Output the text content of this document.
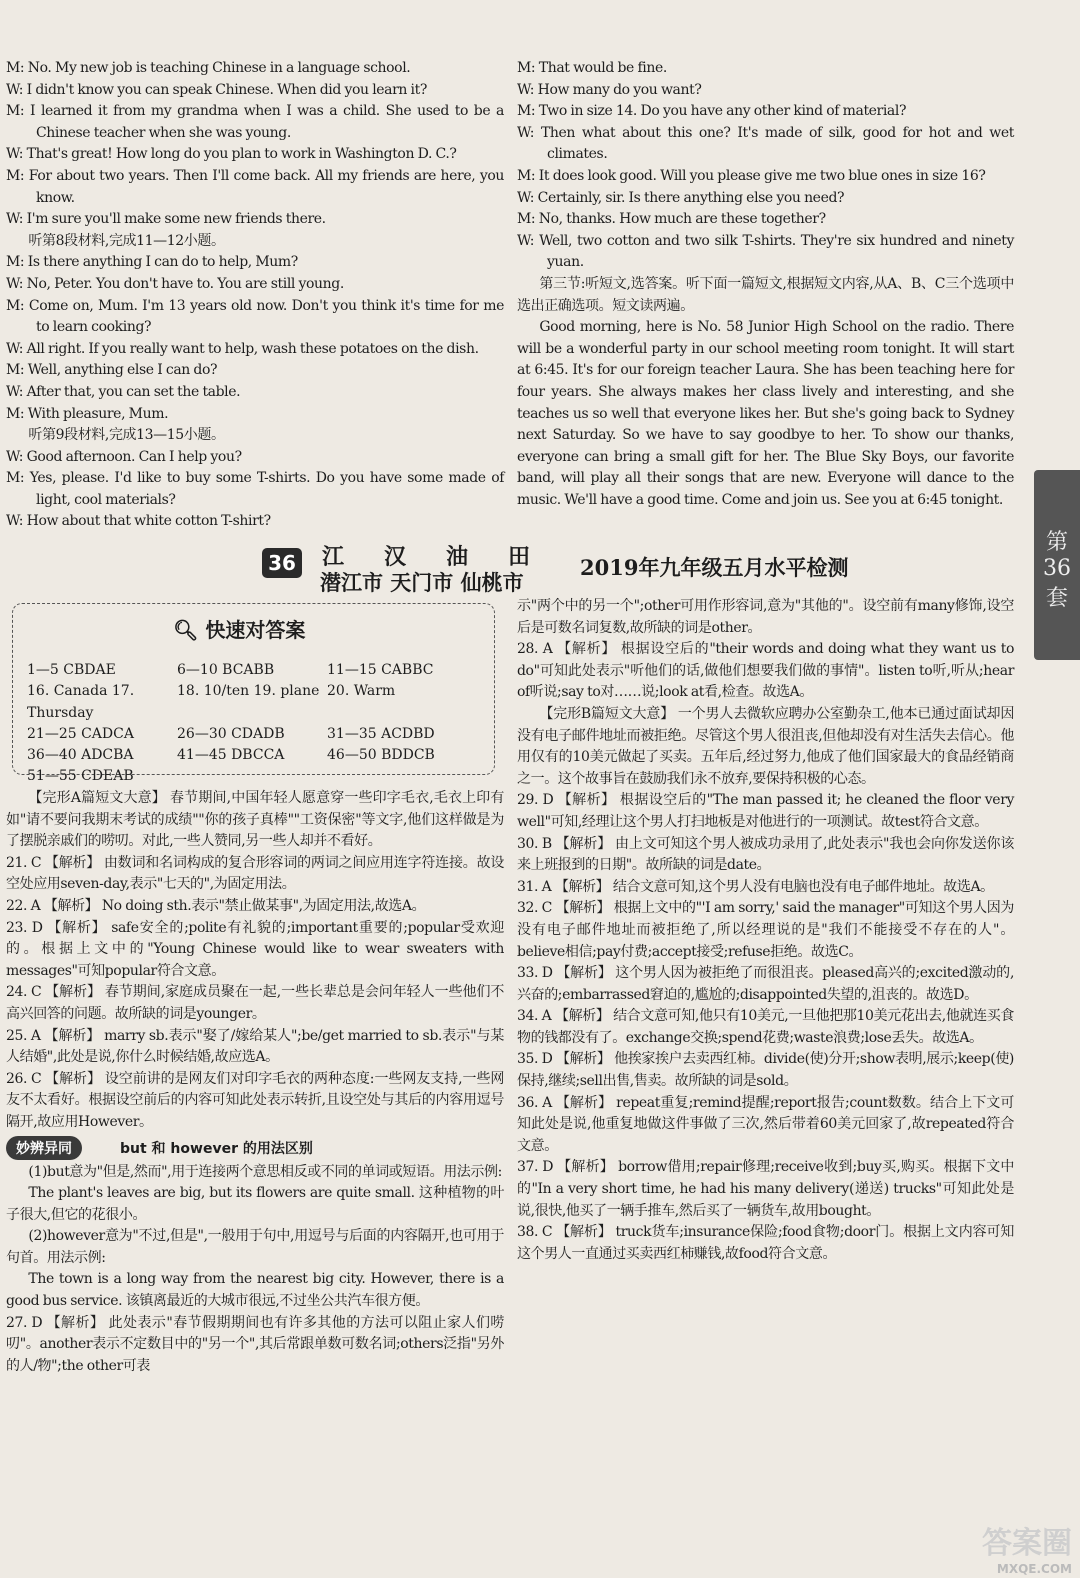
M: No. My new job is teaching Chinese in a language school.

W: I didn't know you can speak Chinese. When did you learn it?

M: I learned it from my grandma when I was a child. She used to be a Chinese teacher when she was young.

W: That's great! How long do you plan to work in Washington D. C.?

M: For about two years. Then I'll come back. All my friends are here, you know.

W: I'm sure you'll make some new friends there.

听第8段材料,完成11—12小题。

M: Is there anything I can do to help, Mum?

W: No, Peter. You don't have to. You are still young.

M: Come on, Mum. I'm 13 years old now. Don't you think it's time for me to learn cooking?

W: All right. If you really want to help, wash these potatoes on the dish.

M: Well, anything else I can do?

W: After that, you can set the table.

M: With pleasure, Mum.

听第9段材料,完成13—15小题。

W: Good afternoon. Can I help you?

M: Yes, please. I'd like to buy some T-shirts. Do you have some made of light, cool materials?

W: How about that white cotton T-shirt?

M: That would be fine.

W: How many do you want?

M: Two in size 14. Do you have any other kind of material?

W: Then what about this one? It's made of silk, good for hot and wet climates.

M: It does look good. Will you please give me two blue ones in size 16?

W: Certainly, sir. Is there anything else you need?

M: No, thanks. How much are these together?

W: Well, two cotton and two silk T-shirts. They're six hundred and ninety yuan.

第三节:听短文,选答案。听下面一篇短文,根据短文内容,从A、B、C三个选项中选出正确选项。短文读两遍。

Good morning, here is No. 58 Junior High School on the radio. There will be a wonderful party in our school meeting room tonight. It will start at 6:45. It's for our foreign teacher Laura. She has been teaching here for four years. She always makes her class lively and interesting, and she teaches us so well that everyone likes her. But she's going back to Sydney next Saturday. So we have to say goodbye to her. To show our thanks, everyone can bring a small gift for her. The Blue Sky Boys, our favorite band, will play all their songs that are new. Everyone will dance to the music. We'll have a good time. Come and join us. See you at 6:45 tonight.

36 江汉油田
潜江市 天门市 仙桃市
2019年九年级五月水平检测
第36套
🔍︎ 快速对答案
1—5 CBDAE	6—10 BCABB	11—15 CABBC
16. Canada 17. Thursday
18. 10/ten 19. plane 20. Warm
21—25 CADCA	26—30 CDADB	31—35 ACDBD
36—40 ADCBA	41—45 DBCCA	46—50 BDDCB
51—55 CDEAB

【完形A篇短文大意】 春节期间,中国年轻人愿意穿一些印字毛衣,毛衣上印有如"请不要问我期末考试的成绩""你的孩子真棒""工资保密"等文字,他们这样做是为了摆脱亲戚们的唠叨。对此,一些人赞同,另一些人却并不看好。

21. C 【解析】 由数词和名词构成的复合形容词的两词之间应用连字符连接。故设空处应用seven-day,表示"七天的",为固定用法。

22. A 【解析】 No doing sth.表示"禁止做某事",为固定用法,故选A。

23. D 【解析】 safe安全的;polite有礼貌的;important重要的;popular受欢迎的。根据上文中的"Young Chinese would like to wear sweaters with messages"可知popular符合文意。

24. C 【解析】 春节期间,家庭成员聚在一起,一些长辈总是会问年轻人一些他们不高兴回答的问题。故所缺的词是younger。

25. A 【解析】 marry sb.表示"娶了/嫁给某人";be/get married to sb.表示"与某人结婚",此处是说,你什么时候结婚,故应选A。

26. C 【解析】 设空前讲的是网友们对印字毛衣的两种态度:一些网友支持,一些网友不太看好。根据设空前后的内容可知此处表示转折,且设空处与其后的内容用逗号隔开,故应用However。

妙辨异同	but 和 however 的用法区别

(1)but意为"但是,然而",用于连接两个意思相反或不同的单词或短语。用法示例:

The plant's leaves are big, but its flowers are quite small. 这种植物的叶子很大,但它的花很小。

(2)however意为"不过,但是",一般用于句中,用逗号与后面的内容隔开,也可用于句首。用法示例:

The town is a long way from the nearest big city. However, there is a good bus service. 该镇离最近的大城市很远,不过坐公共汽车很方便。

27. D 【解析】 此处表示"春节假期期间也有许多其他的方法可以阻止家人们唠叨"。another表示不定数目中的"另一个",其后常跟单数可数名词;others泛指"另外的人/物";the other可表

示"两个中的另一个";other可用作形容词,意为"其他的"。设空前有many修饰,设空后是可数名词复数,故所缺的词是other。

28. A 【解析】 根据设空后的"their words and doing what they want us to do"可知此处表示"听他们的话,做他们想要我们做的事情"。listen to听,听从;hear of听说;say to对……说;look at看,检查。故选A。

【完形B篇短文大意】 一个男人去微软应聘办公室勤杂工,他本已通过面试却因没有电子邮件地址而被拒绝。尽管这个男人很沮丧,但他却没有对生活失去信心。他用仅有的10美元做起了买卖。五年后,经过努力,他成了他们国家最大的食品经销商之一。这个故事旨在鼓励我们永不放弃,要保持积极的心态。

29. D 【解析】 根据设空后的"The man passed it; he cleaned the floor very well"可知,经理让这个男人打扫地板是对他进行的一项测试。故test符合文意。

30. B 【解析】 由上文可知这个男人被成功录用了,此处表示"我也会向你发送你该来上班报到的日期"。故所缺的词是date。

31. A 【解析】 结合文意可知,这个男人没有电脑也没有电子邮件地址。故选A。

32. C 【解析】 根据上文中的"'I am sorry,' said the manager"可知这个男人因为没有电子邮件地址而被拒绝了,所以经理说的是"我们不能接受不存在的人"。believe相信;pay付费;accept接受;refuse拒绝。故选C。

33. D 【解析】 这个男人因为被拒绝了而很沮丧。pleased高兴的;excited激动的,兴奋的;embarrassed窘迫的,尴尬的;disappointed失望的,沮丧的。故选D。

34. A 【解析】 结合文意可知,他只有10美元,一旦他把那10美元花出去,他就连买食物的钱都没有了。exchange交换;spend花费;waste浪费;lose丢失。故选A。

35. D 【解析】 他挨家挨户去卖西红柿。divide(使)分开;show表明,展示;keep(使)保持,继续;sell出售,售卖。故所缺的词是sold。

36. A 【解析】 repeat重复;remind提醒;report报告;count数数。结合上下文可知此处是说,他重复地做这件事做了三次,然后带着60美元回家了,故repeated符合文意。

37. D 【解析】 borrow借用;repair修理;receive收到;buy买,购买。根据下文中的"In a very short time, he had his many delivery(递送) trucks"可知此处是说,很快,他买了一辆手推车,然后买了一辆货车,故用bought。

38. C 【解析】 truck货车;insurance保险;food食物;door门。根据上文内容可知这个男人一直通过买卖西红柿赚钱,故food符合文意。

答案圈
MXQE.COM
